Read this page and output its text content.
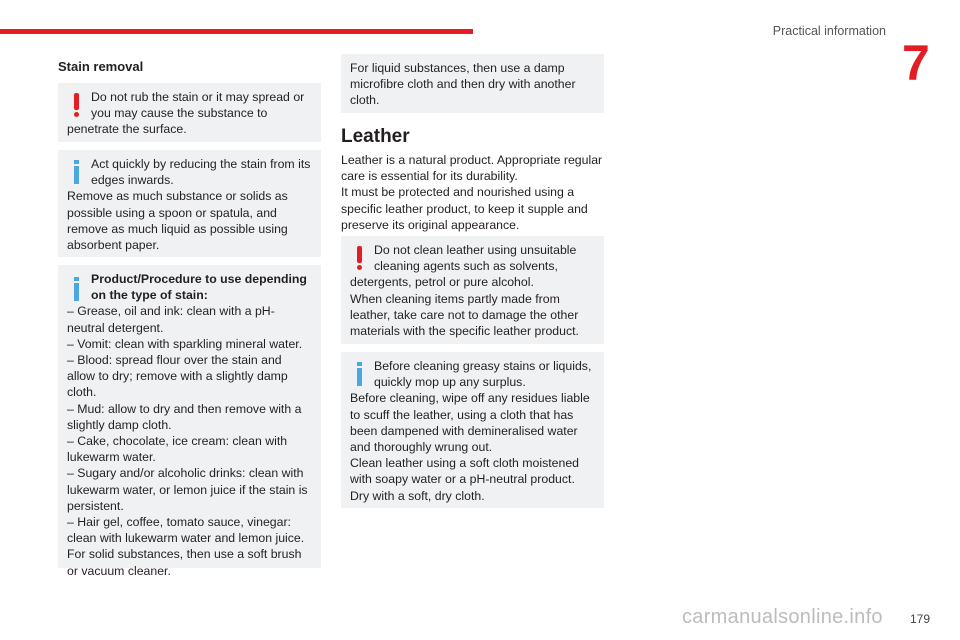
Practical information
7
Stain removal
Do not rub the stain or it may spread or
you may cause the substance to
penetrate the surface.
Act quickly by reducing the stain from its
edges inwards.
Remove as much substance or solids as possible using a spoon or spatula, and remove as much liquid as possible using absorbent paper.
Product/Procedure to use depending
on the type of stain:
– Grease, oil and ink: clean with a pH-neutral detergent.
– Vomit: clean with sparkling mineral water.
– Blood: spread flour over the stain and allow to dry; remove with a slightly damp cloth.
– Mud: allow to dry and then remove with a slightly damp cloth.
– Cake, chocolate, ice cream: clean with lukewarm water.
– Sugary and/or alcoholic drinks: clean with lukewarm water, or lemon juice if the stain is persistent.
– Hair gel, coffee, tomato sauce, vinegar: clean with lukewarm water and lemon juice.
For solid substances, then use a soft brush or vacuum cleaner.
For liquid substances, then use a damp microfibre cloth and then dry with another cloth.
Leather
Leather is a natural product. Appropriate regular care is essential for its durability.
It must be protected and nourished using a specific leather product, to keep it supple and preserve its original appearance.
Do not clean leather using unsuitable
cleaning agents such as solvents,
detergents, petrol or pure alcohol.
When cleaning items partly made from leather, take care not to damage the other materials with the specific leather product.
Before cleaning greasy stains or liquids,
quickly mop up any surplus.
Before cleaning, wipe off any residues liable to scuff the leather, using a cloth that has been dampened with demineralised water and thoroughly wrung out.
Clean leather using a soft cloth moistened with soapy water or a pH-neutral product.
Dry with a soft, dry cloth.
carmanualsonline.info 179
